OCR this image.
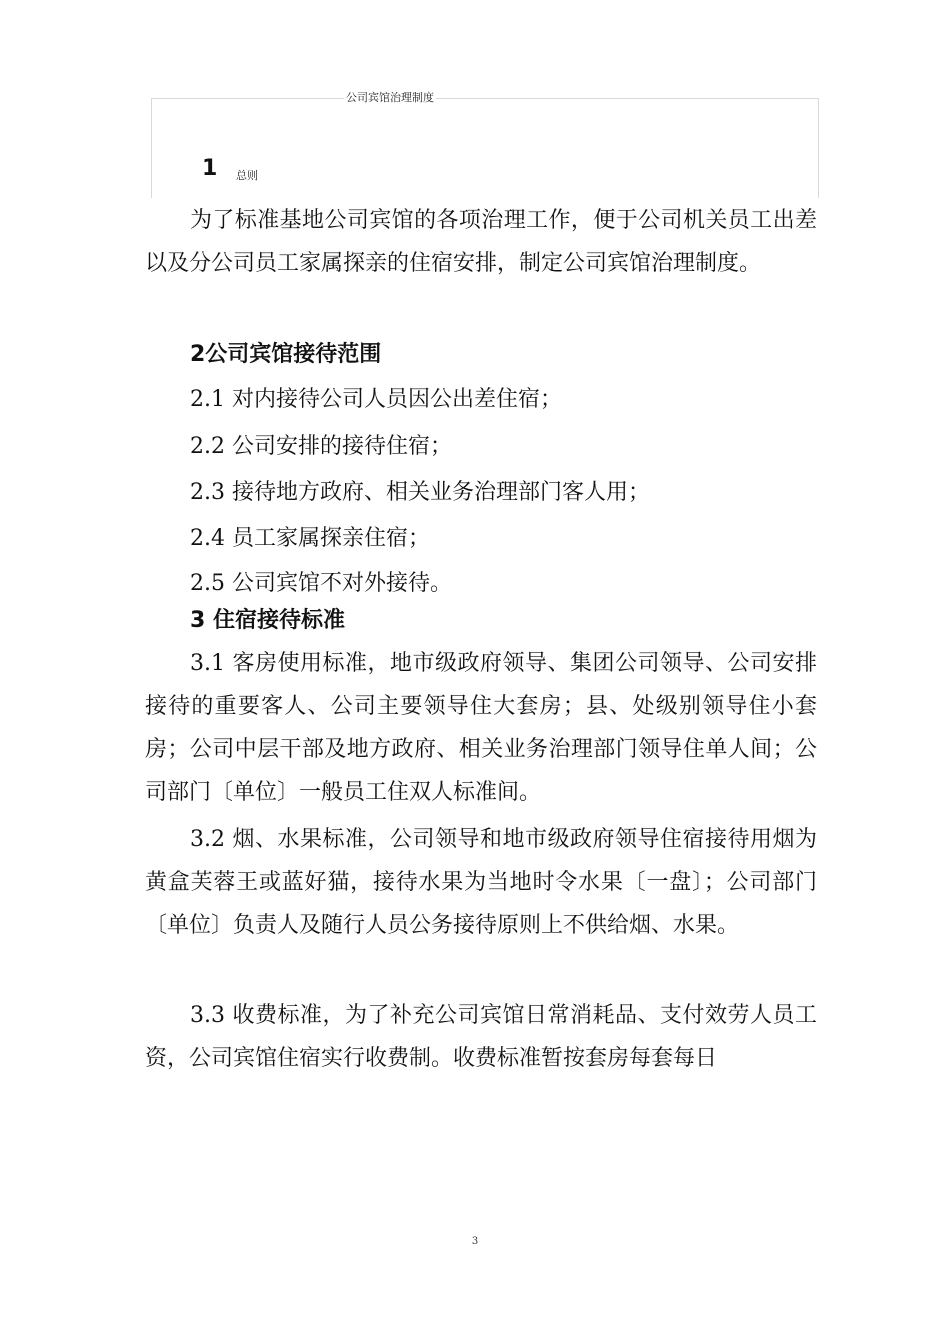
公司宾馆治理制度
1 总则

为了标准基地公司宾馆的各项治理工作，便于公司机关员工出差以及分公司员工家属探亲的住宿安排，制定公司宾馆治理制度。

2公司宾馆接待范围
2.1 对内接待公司人员因公出差住宿；
2.2 公司安排的接待住宿；
2.3 接待地方政府、相关业务治理部门客人用；
2.4 员工家属探亲住宿；
2.5 公司宾馆不对外接待。
3 住宿接待标准

3.1 客房使用标准，地市级政府领导、集团公司领导、公司安排接待的重要客人、公司主要领导住大套房；县、处级别领导住小套房；公司中层干部及地方政府、相关业务治理部门领导住单人间；公司部门〔单位〕一般员工住双人标准间。

3.2 烟、水果标准，公司领导和地市级政府领导住宿接待用烟为黄盒芙蓉王或蓝好猫，接待水果为当地时令水果〔一盘〕；公司部门〔单位〕负责人及随行人员公务接待原则上不供给烟、水果。

3.3 收费标准，为了补充公司宾馆日常消耗品、支付效劳人员工资，公司宾馆住宿实行收费制。收费标准暂按套房每套每日

3
